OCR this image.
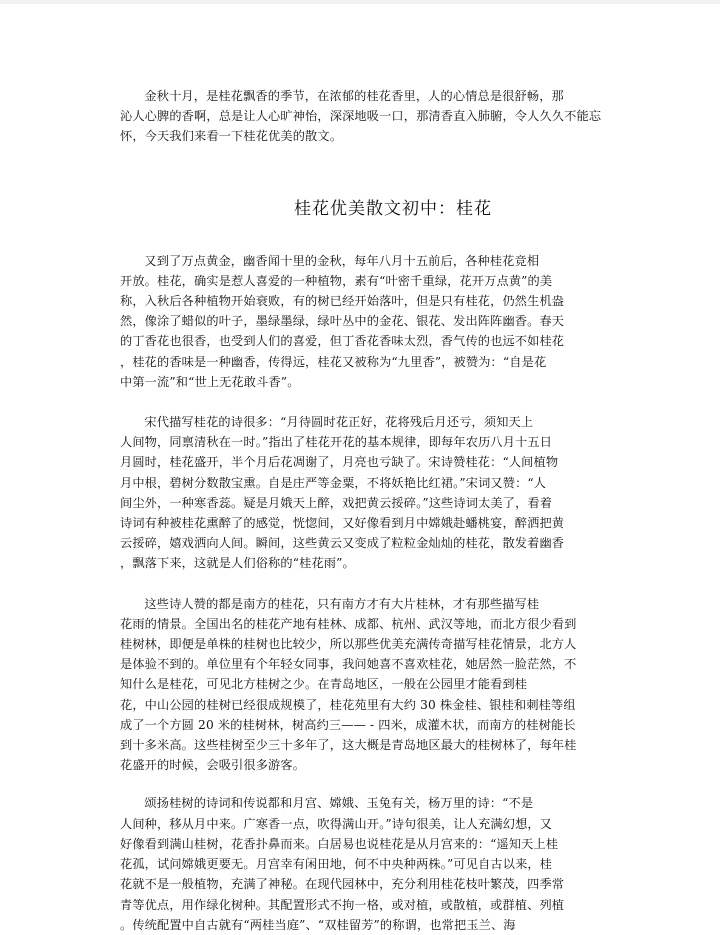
金秋十月，是桂花飘香的季节，在浓郁的桂花香里，人的心情总是很舒畅，那
沁人心脾的香啊，总是让人心旷神怡，深深地吸一口，那清香直入肺腑，令人久久不能忘
怀，今天我们来看一下桂花优美的散文。

桂花优美散文初中：桂花

又到了万点黄金，幽香闻十里的金秋，每年八月十五前后，各种桂花竞相
开放。桂花，确实是惹人喜爱的一种植物，素有“叶密千重绿，花开万点黄”的美
称，入秋后各种植物开始衰败，有的树已经开始落叶，但是只有桂花，仍然生机盎
然，像涂了蜡似的叶子，墨绿墨绿，绿叶丛中的金花、银花、发出阵阵幽香。春天
的丁香花也很香，也受到人们的喜爱，但丁香花香味太烈，香气传的也远不如桂花
，桂花的香味是一种幽香，传得远，桂花又被称为“九里香”，被赞为：“自是花
中第一流”和“世上无花敢斗香”。

宋代描写桂花的诗很多：“月待圆时花正好，花将残后月还亏，须知天上
人间物，同禀清秋在一时。”指出了桂花开花的基本规律，即每年农历八月十五日
月圆时，桂花盛开，半个月后花凋谢了，月亮也亏缺了。宋诗赞桂花：“人间植物
月中根，碧树分数散宝熏。自是庄严等金粟，不将妖艳比红裙。”宋词又赞：“人
间尘外，一种寒香蕊。疑是月娥天上醉，戏把黄云挼碎。”这些诗词太美了，看着
诗词有种被桂花熏醉了的感觉，恍惚间，又好像看到月中嫦娥赴蟠桃宴，醉洒把黄
云挼碎，嬉戏洒向人间。瞬间，这些黄云又变成了粒粒金灿灿的桂花，散发着幽香
，飘落下来，这就是人们俗称的“桂花雨”。

这些诗人赞的都是南方的桂花，只有南方才有大片桂林，才有那些描写桂
花雨的情景。全国出名的桂花产地有桂林、成都、杭州、武汉等地，而北方很少看到
桂树林，即便是单株的桂树也比较少，所以那些优美充满传奇描写桂花情景，北方人
是体验不到的。单位里有个年轻女同事，我问她喜不喜欢桂花，她居然一脸茫然，不
知什么是桂花，可见北方桂树之少。在青岛地区，一般在公园里才能看到桂
花，中山公园的桂树已经很成规模了，桂花苑里有大约 30 株金桂、银桂和刺桂等组
成了一个方圆 20 米的桂树林，树高约三—— - 四米，成灌木状，而南方的桂树能长
到十多米高。这些桂树至少三十多年了，这大概是青岛地区最大的桂树林了，每年桂
花盛开的时候，会吸引很多游客。

颂扬桂树的诗词和传说都和月宫、嫦娥、玉兔有关，杨万里的诗：“不是
人间种，移从月中来。广寒香一点，吹得满山开。”诗句很美，让人充满幻想，又
好像看到满山桂树，花香扑鼻而来。白居易也说桂花是从月宫来的：“遥知天上桂
花孤，试问嫦娥更要无。月宫幸有闲田地，何不中央种两株。”可见自古以来，桂
花就不是一般植物，充满了神秘。在现代园林中，充分利用桂花枝叶繁茂，四季常
青等优点，用作绿化树种。其配置形式不拘一格，或对植，或散植，或群植、列植
。传统配置中自古就有“两桂当庭”、“双桂留芳”的称谓，也常把玉兰、海
